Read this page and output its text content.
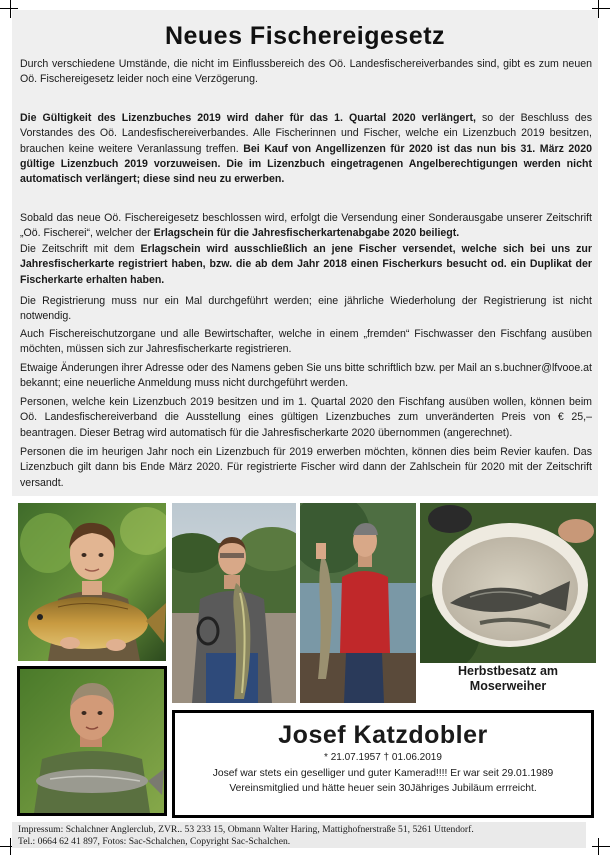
Neues Fischereigesetz
Durch verschiedene Umstände, die nicht im Einflussbereich des Oö. Landesfischereiverbandes sind, gibt es zum neuen Oö. Fischereigesetz leider noch eine Verzögerung.
Die Gültigkeit des Lizenzbuches 2019 wird daher für das 1. Quartal 2020 verlängert, so der Beschluss des Vorstandes des Oö. Landesfischereiverbandes. Alle Fischerinnen und Fischer, welche ein Lizenzbuch 2019 besitzen, brauchen keine weitere Veranlassung treffen. Bei Kauf von Angellizenzen für 2020 ist das nun bis 31. März 2020 gültige Lizenzbuch 2019 vorzuweisen. Die im Lizenzbuch eingetragenen Angelberechtigungen werden nicht automatisch verlängert; diese sind neu zu erwerben.
Sobald das neue Oö. Fischereigesetz beschlossen wird, erfolgt die Versendung einer Sonderausgabe unserer Zeitschrift „Oö. Fischerei“, welcher der Erlagschein für die Jahresfischerkartenabgabe 2020 beiliegt.
Die Zeitschrift mit dem Erlagschein wird ausschließlich an jene Fischer versendet, welche sich bei uns zur Jahresfischerkarte registriert haben, bzw. die ab dem Jahr 2018 einen Fischerkurs besucht od. ein Duplikat der Fischerkarte erhalten haben.
Die Registrierung muss nur ein Mal durchgeführt werden; eine jährliche Wiederholung der Registrierung ist nicht notwendig.
Auch Fischereischutzorgane und alle Bewirtschafter, welche in einem „fremden“ Fischwasser den Fischfang ausüben möchten, müssen sich zur Jahresfischerkarte registrieren.
Etwaige Änderungen ihrer Adresse oder des Namens geben Sie uns bitte schriftlich bzw. per Mail an s.buchner@lfvooe.at bekannt; eine neuerliche Anmeldung muss nicht durchgeführt werden.
Personen, welche kein Lizenzbuch 2019 besitzen und im 1. Quartal 2020 den Fischfang ausüben wollen, können beim Oö. Landesfischereiverband die Ausstellung eines gültigen Lizenzbuches zum unveränderten Preis von € 25,– beantragen. Dieser Betrag wird automatisch für die Jahresfischerkarte 2020 übernommen (angerechnet).
Personen die im heurigen Jahr noch ein Lizenzbuch für 2019 erwerben möchten, können dies beim Revier kaufen. Das Lizenzbuch gilt dann bis Ende März 2020. Für registrierte Fischer wird dann der Zahlschein für 2020 mit der Zeitschrift versandt.
Herbstbesatz am Moserweiher
Josef Katzdobler
* 21.07.1957 † 01.06.2019
Josef war stets ein geselliger und guter Kamerad!!!! Er war seit 29.01.1989 Vereinsmitglied und hätte heuer sein 30Jähriges Jubiläum errreicht.
Impressum: Schalchner Anglerclub, ZVR.. 53 233 15, Obmann Walter Haring, Mattighofnerstraße 51, 5261 Uttendorf.
Tel.: 0664 62 41 897, Fotos: Sac-Schalchen, Copyright Sac-Schalchen.
